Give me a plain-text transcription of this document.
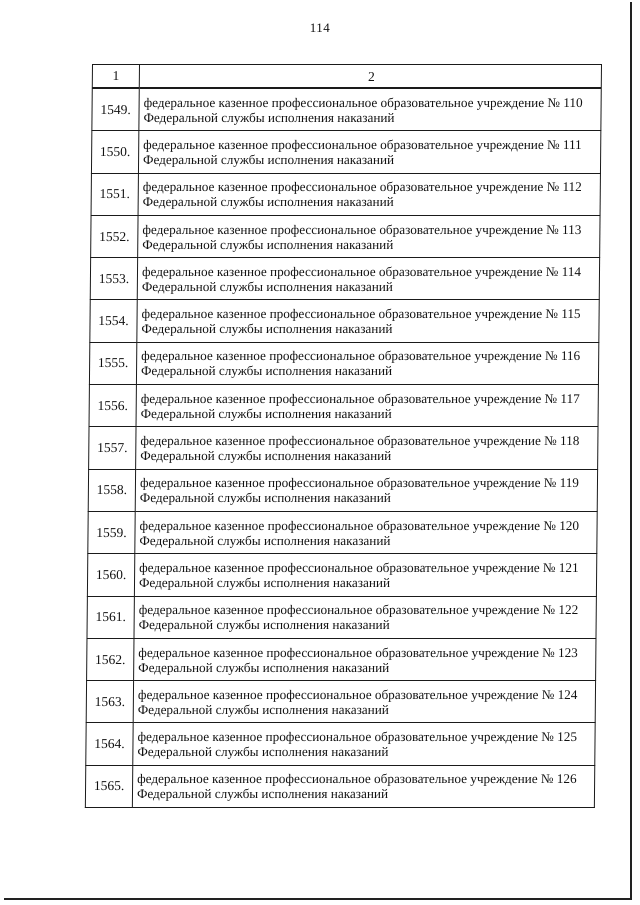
114
1	2
1549.	федеральное казенное профессиональное образовательное учреждение № 110
Федеральной службы исполнения наказаний

1550.	федеральное казенное профессиональное образовательное учреждение № 111
Федеральной службы исполнения наказаний

1551.	федеральное казенное профессиональное образовательное учреждение № 112
Федеральной службы исполнения наказаний

1552.	федеральное казенное профессиональное образовательное учреждение № 113
Федеральной службы исполнения наказаний

1553.	федеральное казенное профессиональное образовательное учреждение № 114
Федеральной службы исполнения наказаний

1554.	федеральное казенное профессиональное образовательное учреждение № 115
Федеральной службы исполнения наказаний

1555.	федеральное казенное профессиональное образовательное учреждение № 116
Федеральной службы исполнения наказаний

1556.	федеральное казенное профессиональное образовательное учреждение № 117
Федеральной службы исполнения наказаний

1557.	федеральное казенное профессиональное образовательное учреждение № 118
Федеральной службы исполнения наказаний

1558.	федеральное казенное профессиональное образовательное учреждение № 119
Федеральной службы исполнения наказаний

1559.	федеральное казенное профессиональное образовательное учреждение № 120
Федеральной службы исполнения наказаний

1560.	федеральное казенное профессиональное образовательное учреждение № 121
Федеральной службы исполнения наказаний

1561.	федеральное казенное профессиональное образовательное учреждение № 122
Федеральной службы исполнения наказаний

1562.	федеральное казенное профессиональное образовательное учреждение № 123
Федеральной службы исполнения наказаний

1563.	федеральное казенное профессиональное образовательное учреждение № 124
Федеральной службы исполнения наказаний

1564.	федеральное казенное профессиональное образовательное учреждение № 125
Федеральной службы исполнения наказаний

1565.	федеральное казенное профессиональное образовательное учреждение № 126
Федеральной службы исполнения наказаний
